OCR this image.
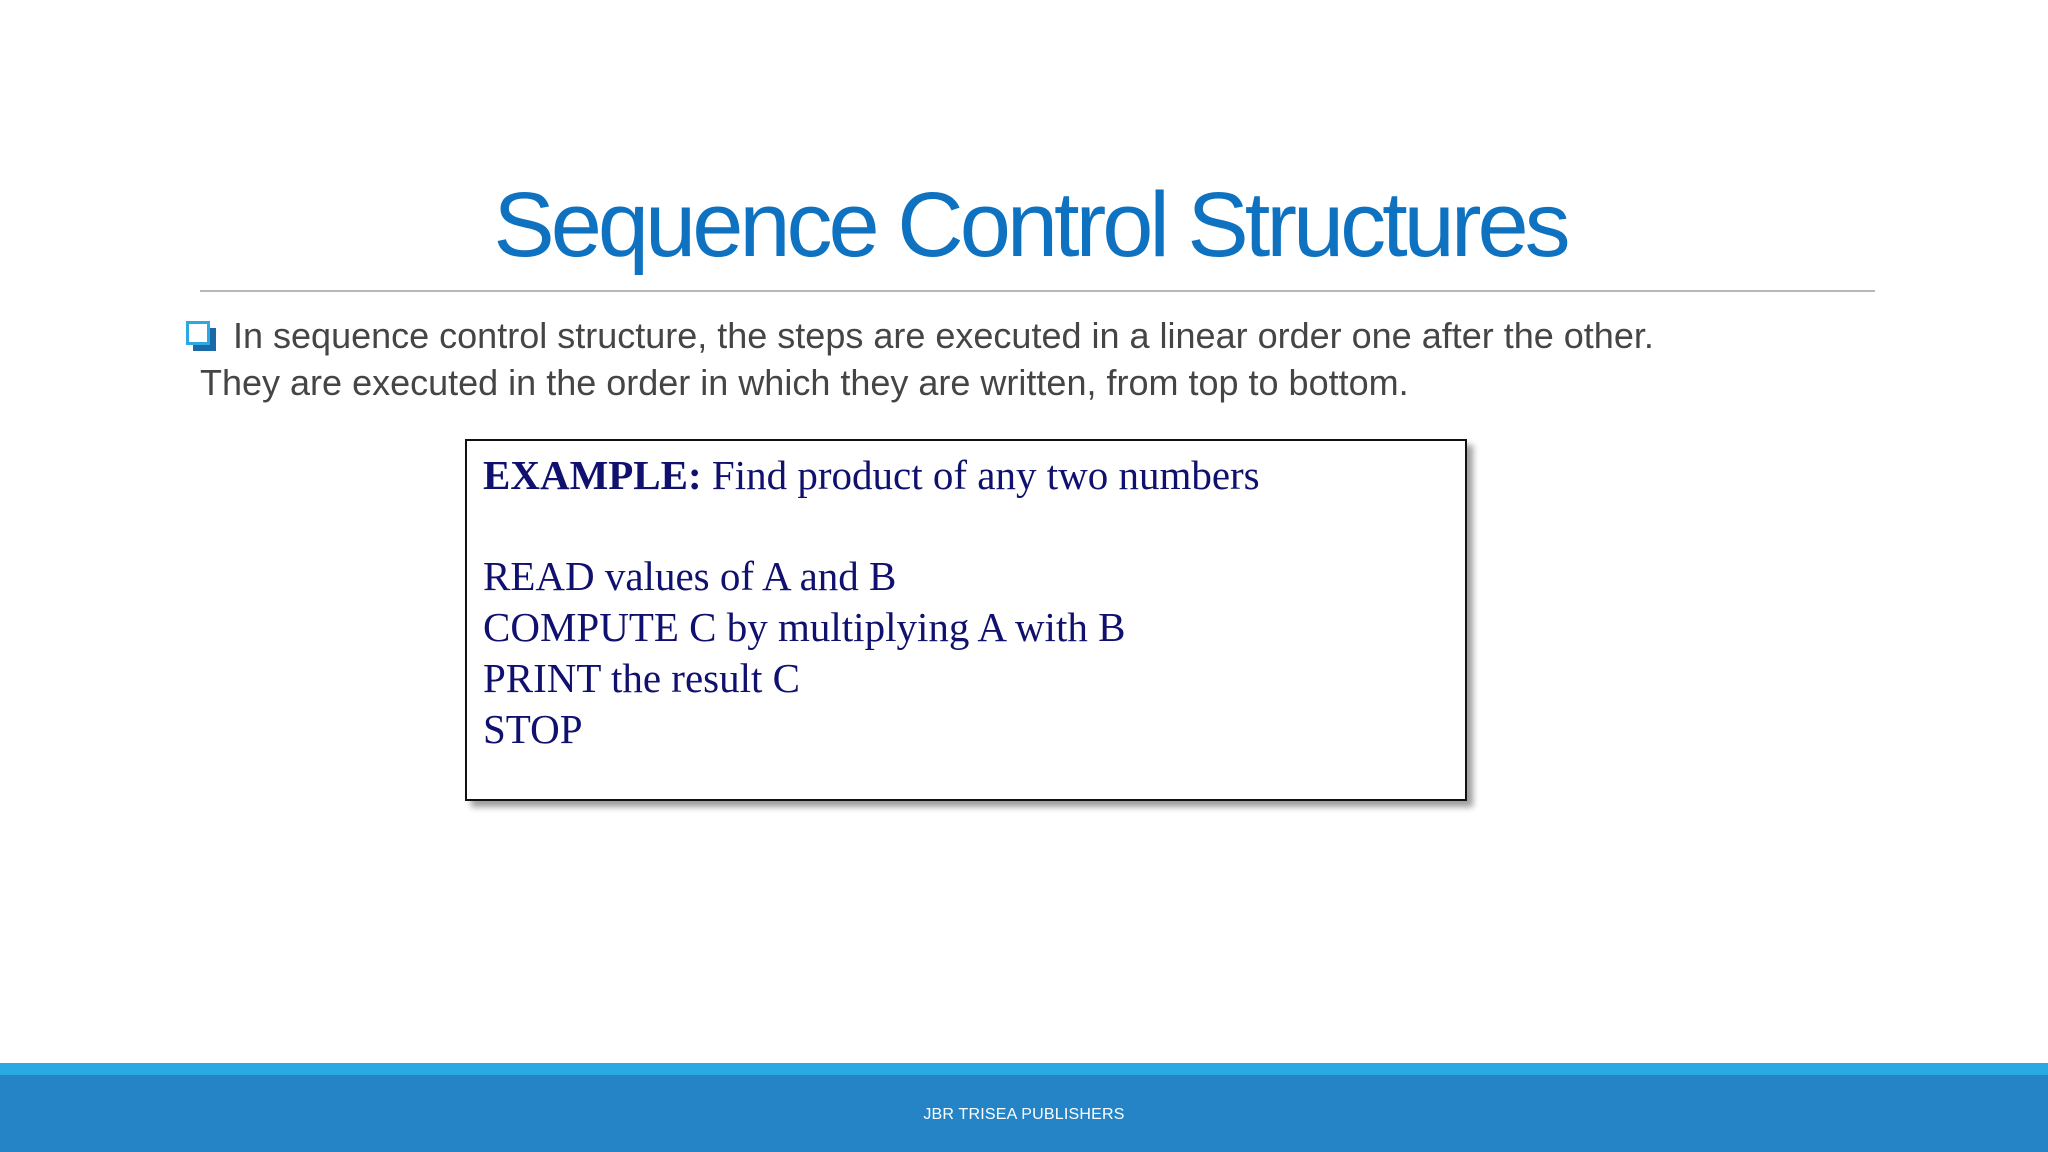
Sequence Control Structures
In sequence control structure, the steps are executed in a linear order one after the other.
They are executed in the order in which they are written, from top to bottom.
EXAMPLE: Find product of any two numbers
READ values of A and B
COMPUTE C by multiplying A with B
PRINT the result C
STOP
JBR TRISEA PUBLISHERS
